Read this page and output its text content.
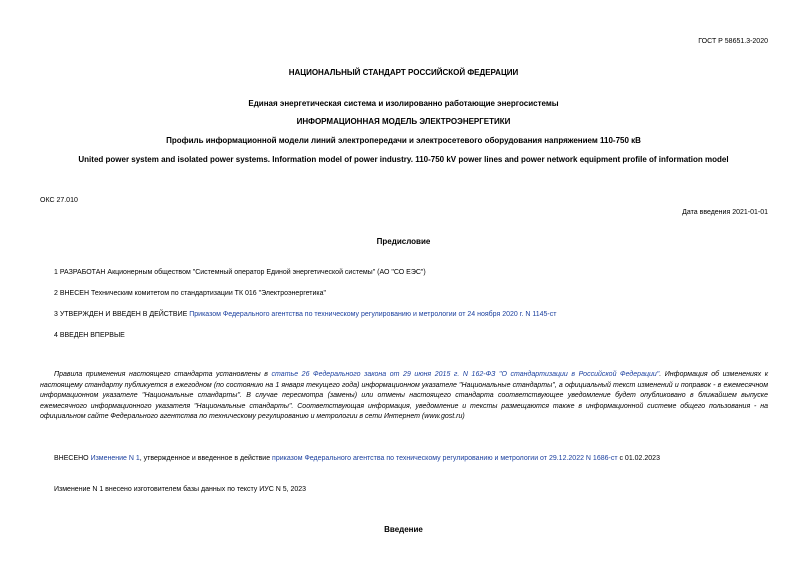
ГОСТ Р 58651.3-2020
НАЦИОНАЛЬНЫЙ СТАНДАРТ РОССИЙСКОЙ ФЕДЕРАЦИИ
Единая энергетическая система и изолированно работающие энергосистемы
ИНФОРМАЦИОННАЯ МОДЕЛЬ ЭЛЕКТРОЭНЕРГЕТИКИ
Профиль информационной модели линий электропередачи и электросетевого оборудования напряжением 110-750 кВ
United power system and isolated power systems. Information model of power industry. 110-750 kV power lines and power network equipment profile of information model
ОКС 27.010
Дата введения 2021-01-01
Предисловие
1 РАЗРАБОТАН Акционерным обществом "Системный оператор Единой энергетической системы" (АО "СО ЕЭС")
2 ВНЕСЕН Техническим комитетом по стандартизации ТК 016 "Электроэнергетика"
3 УТВЕРЖДЕН И ВВЕДЕН В ДЕЙСТВИЕ Приказом Федерального агентства по техническому регулированию и метрологии от 24 ноября 2020 г. N 1145-ст
4 ВВЕДЕН ВПЕРВЫЕ
Правила применения настоящего стандарта установлены в статье 26 Федерального закона от 29 июня 2015 г. N 162-ФЗ "О стандартизации в Российской Федерации". Информация об изменениях к настоящему стандарту публикуется в ежегодном (по состоянию на 1 января текущего года) информационном указателе "Национальные стандарты", а официальный текст изменений и поправок - в ежемесячном информационном указателе "Национальные стандарты". В случае пересмотра (замены) или отмены настоящего стандарта соответствующее уведомление будет опубликовано в ближайшем выпуске ежемесячного информационного указателя "Национальные стандарты". Соответствующая информация, уведомление и тексты размещаются также в информационной системе общего пользования - на официальном сайте Федерального агентства по техническому регулированию и метрологии в сети Интернет (www.gost.ru)
ВНЕСЕНО Изменение N 1, утвержденное и введенное в действие приказом Федерального агентства по техническому регулированию и метрологии от 29.12.2022 N 1686-ст с 01.02.2023
Изменение N 1 внесено изготовителем базы данных по тексту ИУС N 5, 2023
Введение
